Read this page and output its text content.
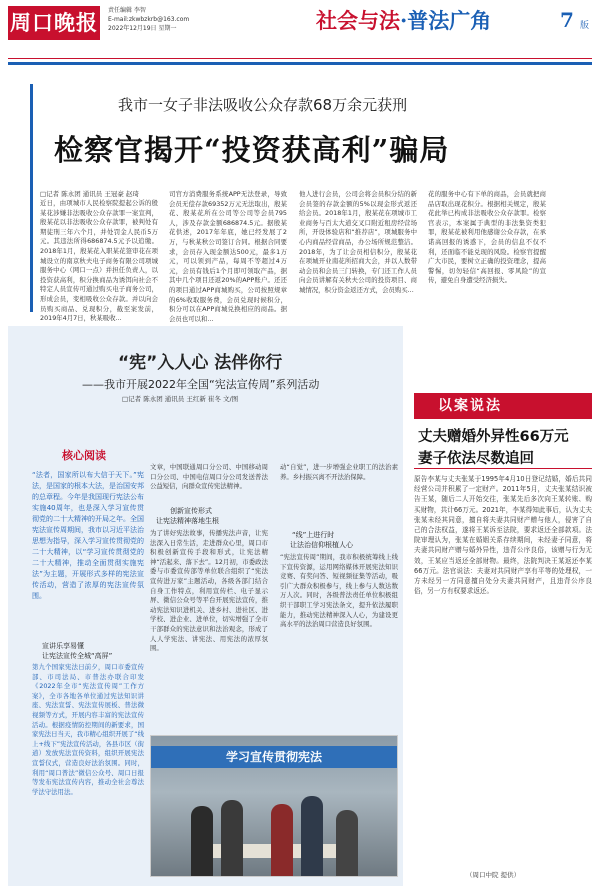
周口晚报	责任编辑 李智
E-mail:zkwbzkrb@163.com
2022年12月19日 星期一	社会与法·普法广角	7 版
我市一女子非法吸收公众存款68万余元获刑
检察官揭开“投资获高利”骗局
□记者 陈永团 通讯员 王冠豪 赵琦
近日，由项城市人民检察院提起公诉的殷某花涉嫌非法吸收公众存款罪一案宣判，殷某花以非法吸收公众存款罪，被判处有期徒刑三年六个月，并处罚金人民币5万元。其违法所得686874.5元予以追缴。2018年1月，殷某花入职某花签审花在项城设立的南京秋夫电子商务有限公司项城服务中心（网口一点）并担任负责人，以投资获高利，积分换商品为诱饵向社会不特定人员宣传可通过购买电子商务公司，形成会员，变相吸收公众存款。并以向会员购买商品、兑现积分，截至案发前，2019年4月7日，秋某吸收...
司官方消费服务系统APP无法登录，导致会员无偿存款69352万元无法取出，殷某花、殷某花所在公司等公司等会员795人，涉及存款金额686874.5元。据殷某花供述，2017年年底，她已经发展了2万，与秋某秋公司签订合同。根据合同要求，会员存入现金额达500元，最多1万元，可以领到产品，每周不等超过4万元，会员有钱后1个月即可领取产品，据其中几个项目还返20%的APP账户。还还的项目通过APP商城购买，公司按照规章的6%收取服务费，会员兑现时候积分，积分可以在APP商城兑换相应的商品。据会员也可以和...
他人进行会员，公司会将会员积分结的新会员签的存款金额的5%以现金形式返还给会员。2018年1月，殷某花在项城市工业商务与百太大道交叉口附近租房经营场所，开设体验店和“推荐店”，项城服务中心内商品经营商品，办公场所规范整洁。2018年，为了让会员相信积分，殷某花在项城开业南花所招商大会，并以人数带动会员和会员三门转换，专门还工作人员向会员讲解有关秋夫公司的投资项目、商城情况，积分资金返还方式，会员购买...
花的服务中心有下单的商品，会员就把商品店取出现花积分。根据相关规定，殷某花此举已构成非法吸收公众存款罪。检察官表示，本案属于典型的非法集资类犯罪，殷某花被利用他感谢公众存款，在承诺高回报的诱惑下，会员的信息不仅不利，还面临不能兑现的风险。检察官提醒广大市民，要树立正确的投资理念，提高警惕，切勿轻信“高回报、零风险”的宣传，避免自身遭受经济损失。
“宪”入人心 法伴你行
——我市开展2022年全国“宪法宣传周”系列活动
□记者 陈永团 通讯员 王红新 崔冬 文/图
核心阅读
“法者，国家所以布大信于天下。”宪法，是国家的根本大法，是治国安邦的总章程。今年是我国现行宪法公布实施40周年，也是深入学习宣传贯彻党的二十大精神的开局之年。全国宪法宣传周期间，我市以习近平法治思想为指导，深入学习宣传贯彻党的二十大精神，以“学习宣传贯彻党的二十大精神，推动全面贯彻实施宪法”为主题，开展形式多样的宪法宣传活动，营造了浓厚的宪法宣传氛围。
宣讲乐享易懂
让宪法宣传全城“高屏”
第九个国家宪法日前夕，周口市委宣传部、市司法局、市普法办联合印发《2022年全市“宪法宣传周”工作方案》，全市各地各单位通过宪法知识讲座、宪法宣誓、宪法宣传展板、普法微视频等方式，开展内容丰富的宪法宣传活动。根据疫情防控期间的新要求，国家宪法日当天，我市精心组织开展了“线上+线下”宪法宣传活动，各县市区（街道）发放宪法宣传资料，组织开展宪法宣誓仪式，营造良好法治氛围。同时，利用“周口普法”微信公众号、周口日报等发布宪法宣传内容，推动全社会尊法学法守法用法。
文章，中国联通周口分公司、中国移动周口分公司、中国电信周口分公司发送普法公益短信，向群众宣传宪法精神。
创新宣传形式
让宪法精神落地生根
为了讲好宪法故事，传播宪法声音，让宪法深入日常生活，走进群众心里，周口市积极创新宣传手段和形式，让宪法精神“活起来、落下去”。12月初，市委政法委与市委宣传部等单位联合组织了“宪法宣传进万家”主题活动，各级各部门结合自身工作特点，利用宣传栏、电子显示屏、微信公众号等平台开展宪法宣传，推动宪法知识进机关、进乡村、进社区、进学校、进企业、进单位，切实增强了全市干部群众的宪法意识和法治观念，形成了人人学宪法、讲宪法、用宪法的浓厚氛围。
动“自觉”，进一步增强企业职工的法治素养。乡村振兴离不开法治保障。
“线”上进行时
让法治信仰根植人心
“宪法宣传周”期间，我市积极统筹线上线下宣传资源，运用网络媒体开展宪法知识竞赛、有奖问答、短视频征集等活动，吸引广大群众积极参与，线上参与人数达数万人次。同时，各级普法责任单位积极组织干部职工学习宪法条文，提升依法履职能力，推动宪法精神深入人心，为建设更高水平的法治周口营造良好氛围。
学习宣传贯彻宪法
以案说法
丈夫赠婚外异性66万元
妻子依法尽数追回
原告李某与丈夫张某于1995年4月10日登记结婚，婚后共同经营公司并积累了一定财产。2011年5月，丈夫张某结识被告王某，随后二人开始交往，张某先后多次向王某转账、购买财物，共计66万元。2021年，李某得知此事后，认为丈夫张某未经其同意，擅自将夫妻共同财产赠与他人，侵害了自己的合法权益，遂将王某诉至法院，要求返还全部款项。法院审理认为，张某在婚姻关系存续期间，未经妻子同意，将夫妻共同财产赠与婚外异性，违背公序良俗，该赠与行为无效，王某应当返还全部财物。最终，法院判决王某返还李某66万元。法官说法：夫妻对共同财产享有平等的处理权，一方未经另一方同意擅自处分夫妻共同财产，且违背公序良俗，另一方有权要求返还。
（周口中院 提供）
